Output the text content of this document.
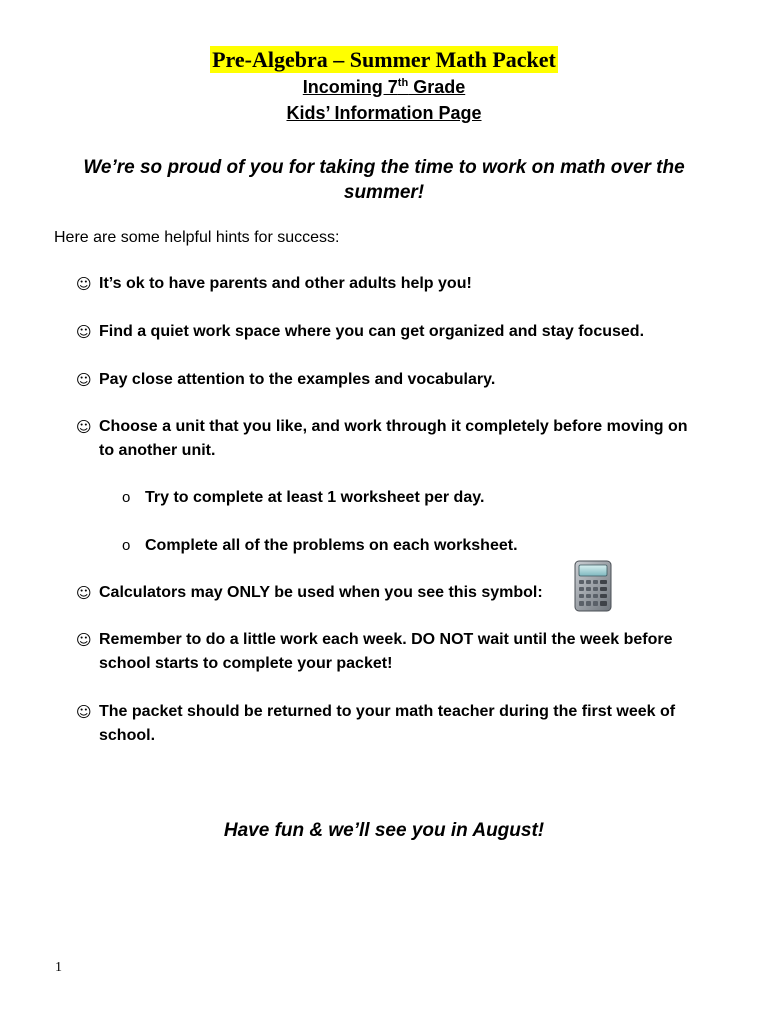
Pre-Algebra – Summer Math Packet
Incoming 7th Grade
Kids’ Information Page
We’re so proud of you for taking the time to work on math over the
summer!
Here are some helpful hints for success:
☺ It’s ok to have parents and other adults help you!
☺ Find a quiet work space where you can get organized and stay focused.
☺ Pay close attention to the examples and vocabulary.
☺ Choose a unit that you like, and work through it completely before moving on
to another unit.
o Try to complete at least 1 worksheet per day.
o Complete all of the problems on each worksheet.
☺ Calculators may ONLY be used when you see this symbol:
☺ Remember to do a little work each week. DO NOT wait until the week before
school starts to complete your packet!
☺ The packet should be returned to your math teacher during the first week of
school.
Have fun & we’ll see you in August!
1
